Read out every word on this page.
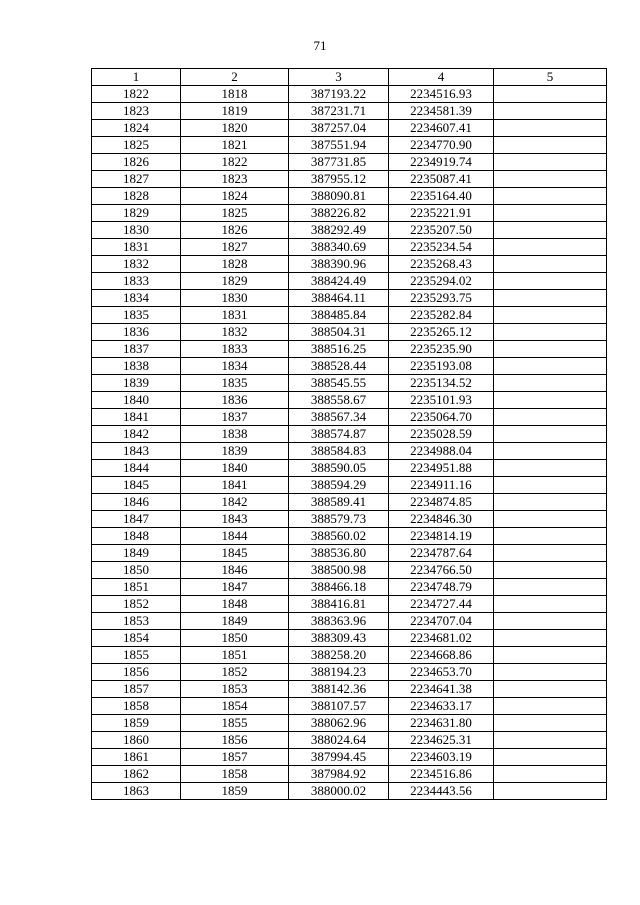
71
1	2	3	4	5
1822	1818	387193.22	2234516.93	
1823	1819	387231.71	2234581.39	
1824	1820	387257.04	2234607.41	
1825	1821	387551.94	2234770.90	
1826	1822	387731.85	2234919.74	
1827	1823	387955.12	2235087.41	
1828	1824	388090.81	2235164.40	
1829	1825	388226.82	2235221.91	
1830	1826	388292.49	2235207.50	
1831	1827	388340.69	2235234.54	
1832	1828	388390.96	2235268.43	
1833	1829	388424.49	2235294.02	
1834	1830	388464.11	2235293.75	
1835	1831	388485.84	2235282.84	
1836	1832	388504.31	2235265.12	
1837	1833	388516.25	2235235.90	
1838	1834	388528.44	2235193.08	
1839	1835	388545.55	2235134.52	
1840	1836	388558.67	2235101.93	
1841	1837	388567.34	2235064.70	
1842	1838	388574.87	2235028.59	
1843	1839	388584.83	2234988.04	
1844	1840	388590.05	2234951.88	
1845	1841	388594.29	2234911.16	
1846	1842	388589.41	2234874.85	
1847	1843	388579.73	2234846.30	
1848	1844	388560.02	2234814.19	
1849	1845	388536.80	2234787.64	
1850	1846	388500.98	2234766.50	
1851	1847	388466.18	2234748.79	
1852	1848	388416.81	2234727.44	
1853	1849	388363.96	2234707.04	
1854	1850	388309.43	2234681.02	
1855	1851	388258.20	2234668.86	
1856	1852	388194.23	2234653.70	
1857	1853	388142.36	2234641.38	
1858	1854	388107.57	2234633.17	
1859	1855	388062.96	2234631.80	
1860	1856	388024.64	2234625.31	
1861	1857	387994.45	2234603.19	
1862	1858	387984.92	2234516.86	
1863	1859	388000.02	2234443.56	
